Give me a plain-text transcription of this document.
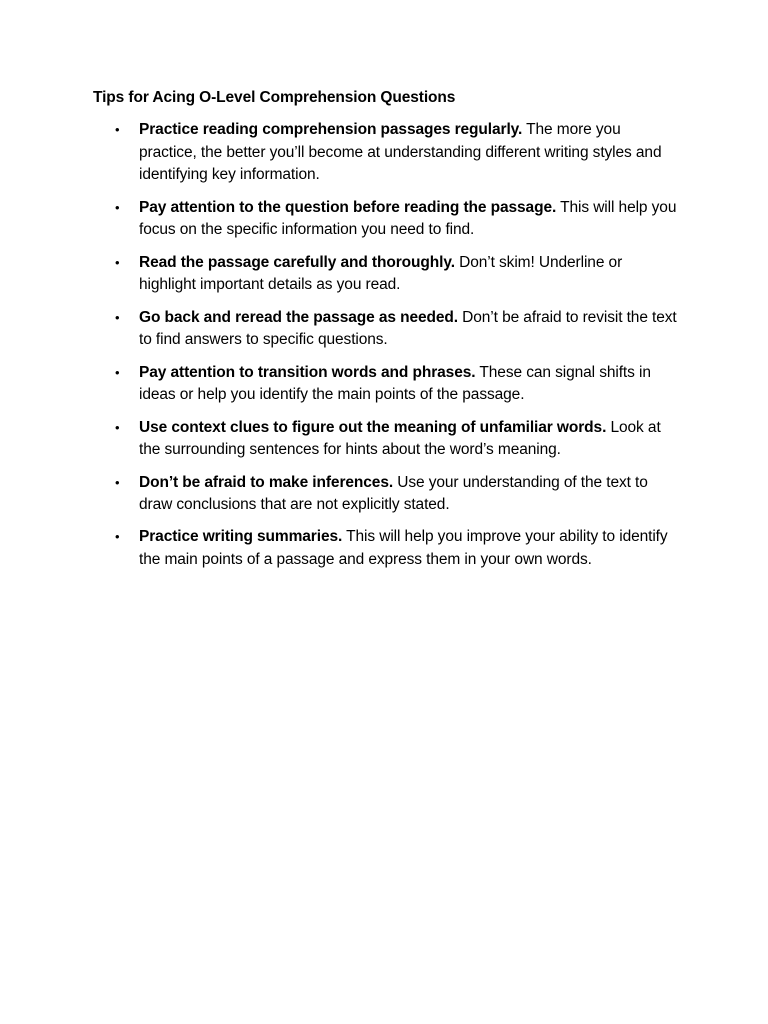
Tips for Acing O-Level Comprehension Questions
• Practice reading comprehension passages regularly. The more you practice, the better you’ll become at understanding different writing styles and identifying key information.
• Pay attention to the question before reading the passage. This will help you focus on the specific information you need to find.
• Read the passage carefully and thoroughly. Don’t skim! Underline or highlight important details as you read.
• Go back and reread the passage as needed. Don’t be afraid to revisit the text to find answers to specific questions.
• Pay attention to transition words and phrases. These can signal shifts in ideas or help you identify the main points of the passage.
• Use context clues to figure out the meaning of unfamiliar words. Look at the surrounding sentences for hints about the word’s meaning.
• Don’t be afraid to make inferences. Use your understanding of the text to draw conclusions that are not explicitly stated.
• Practice writing summaries. This will help you improve your ability to identify the main points of a passage and express them in your own words.
